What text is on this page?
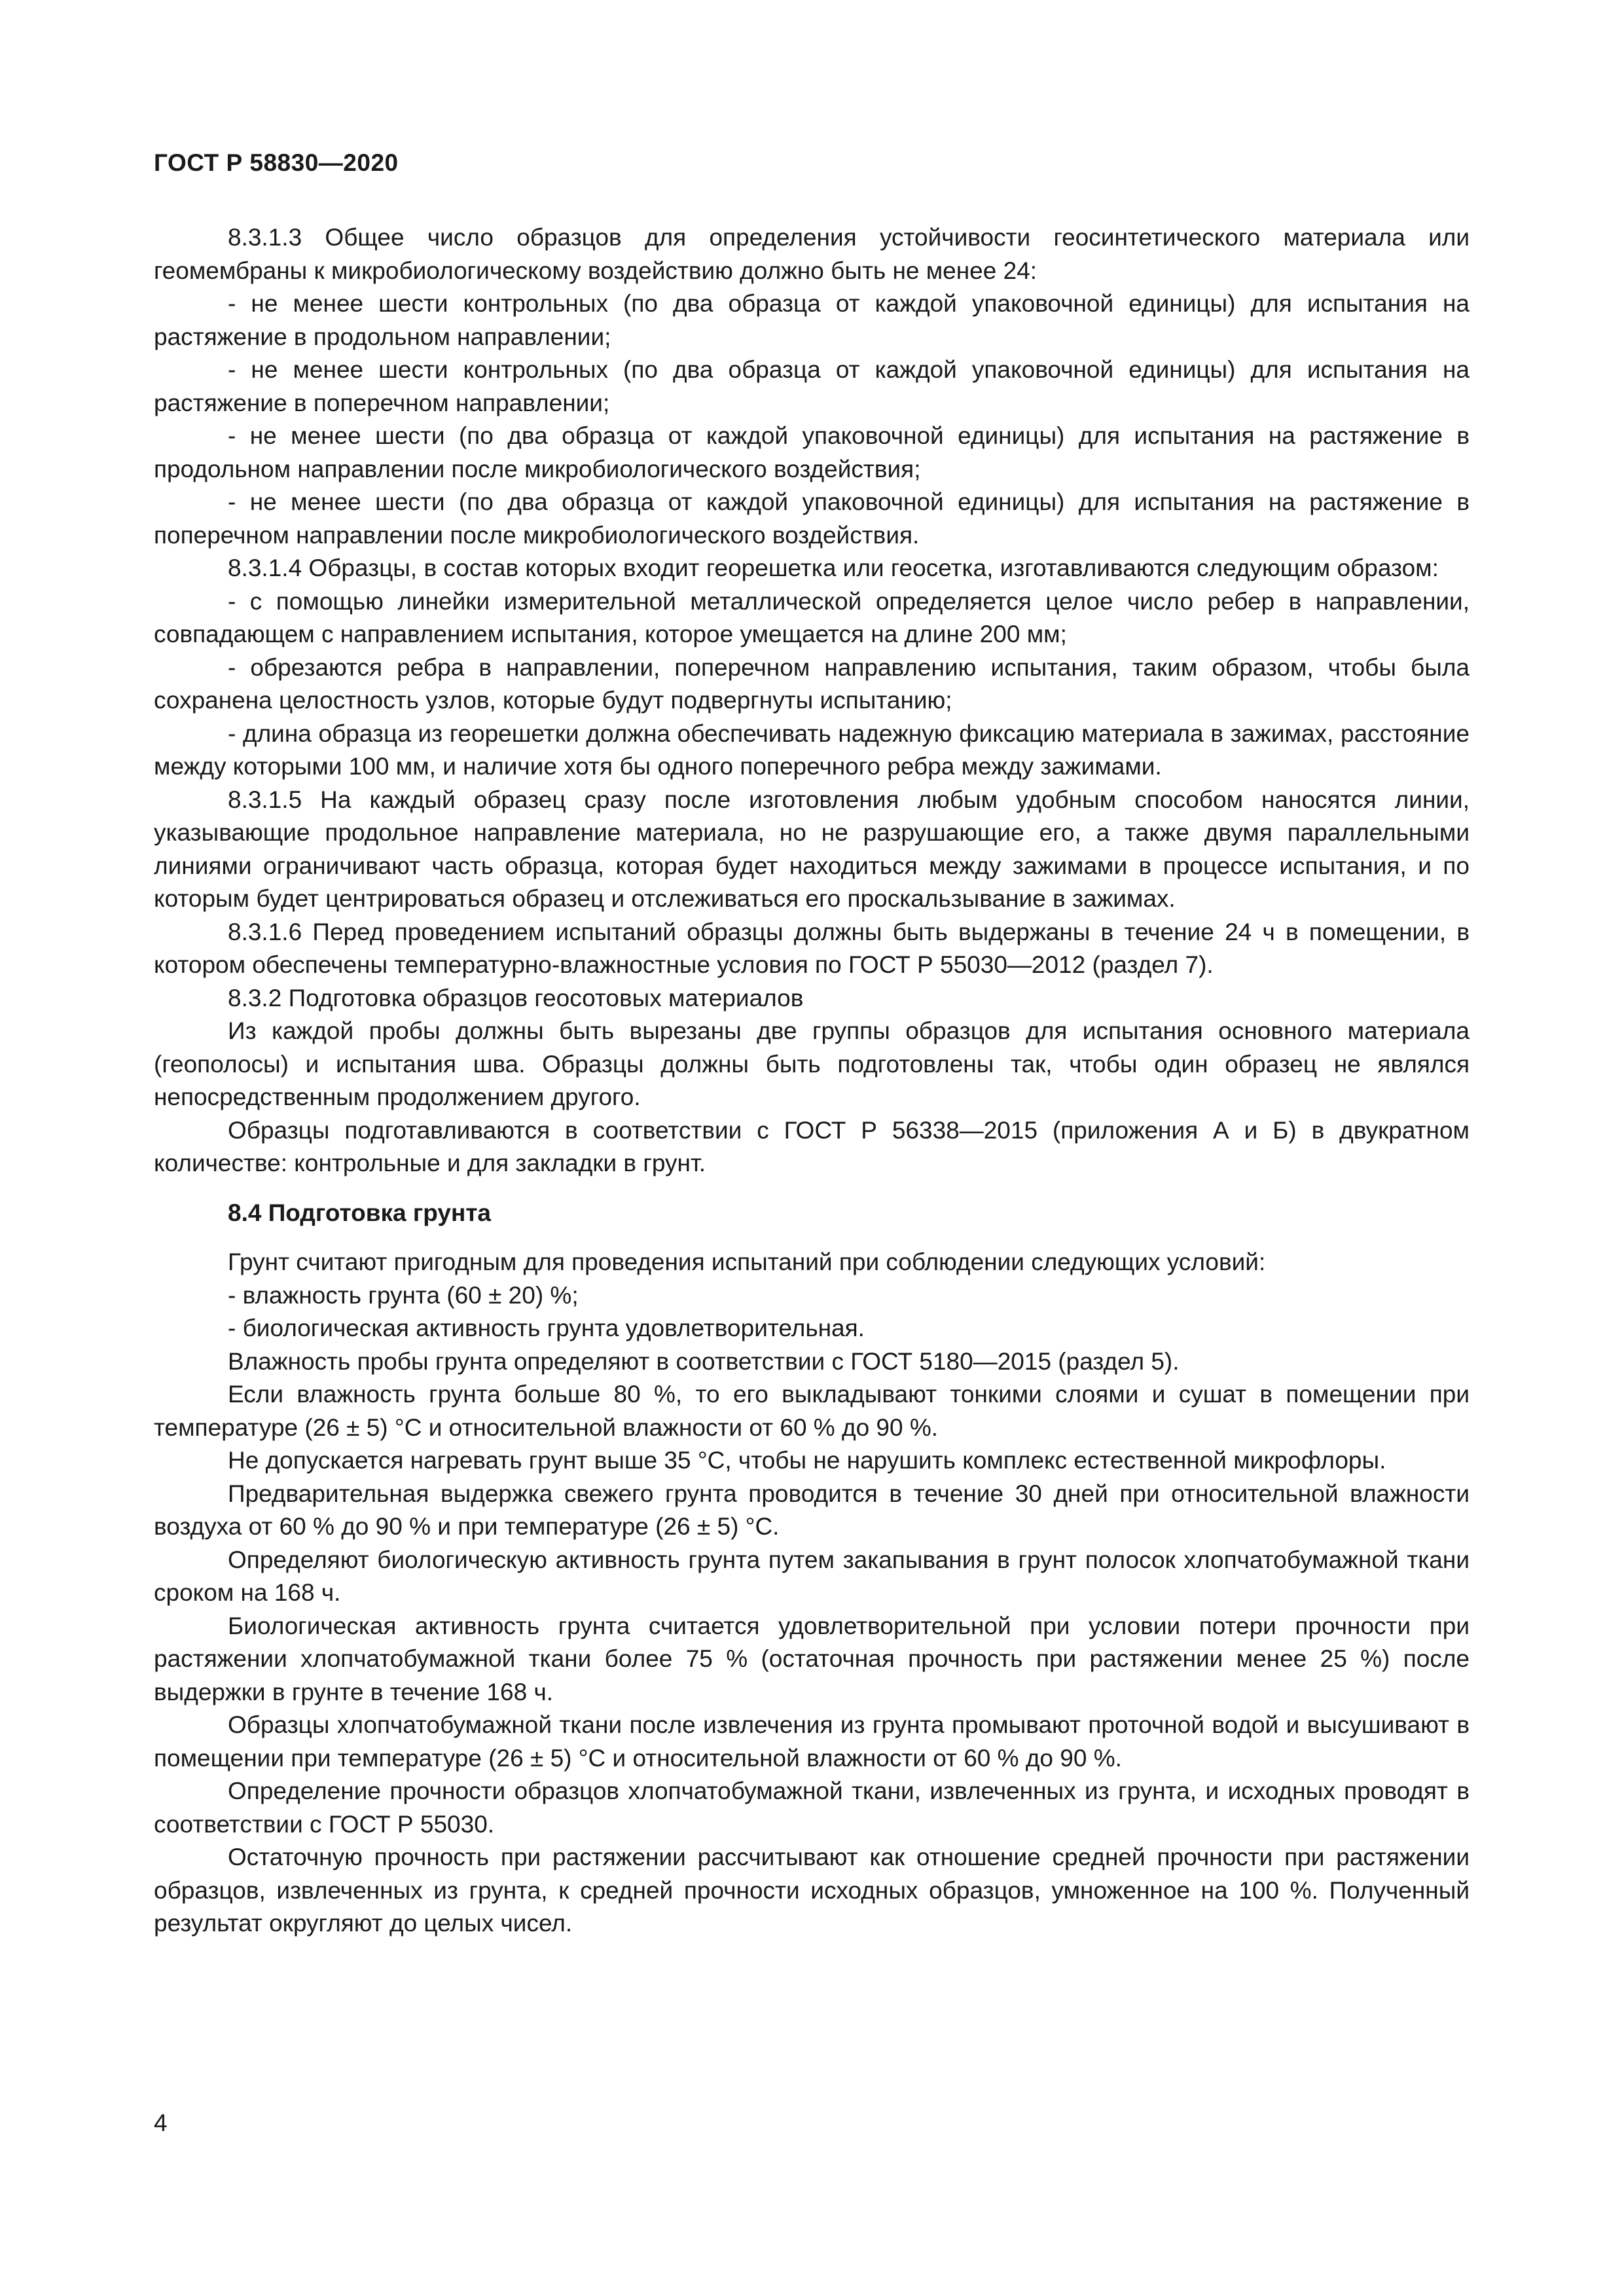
ГОСТ Р 58830—2020

8.3.1.3 Общее число образцов для определения устойчивости геосинтетического материала или геомембраны к микробиологическому воздействию должно быть не менее 24:

- не менее шести контрольных (по два образца от каждой упаковочной единицы) для испытания на растяжение в продольном направлении;

- не менее шести контрольных (по два образца от каждой упаковочной единицы) для испытания на растяжение в поперечном направлении;

- не менее шести (по два образца от каждой упаковочной единицы) для испытания на растяжение в продольном направлении после микробиологического воздействия;

- не менее шести (по два образца от каждой упаковочной единицы) для испытания на растяжение в поперечном направлении после микробиологического воздействия.

8.3.1.4 Образцы, в состав которых входит георешетка или геосетка, изготавливаются следующим образом:

- с помощью линейки измерительной металлической определяется целое число ребер в направлении, совпадающем с направлением испытания, которое умещается на длине 200 мм;

- обрезаются ребра в направлении, поперечном направлению испытания, таким образом, чтобы была сохранена целостность узлов, которые будут подвергнуты испытанию;

- длина образца из георешетки должна обеспечивать надежную фиксацию материала в зажимах, расстояние между которыми 100 мм, и наличие хотя бы одного поперечного ребра между зажимами.

8.3.1.5 На каждый образец сразу после изготовления любым удобным способом наносятся линии, указывающие продольное направление материала, но не разрушающие его, а также двумя параллельными линиями ограничивают часть образца, которая будет находиться между зажимами в процессе испытания, и по которым будет центрироваться образец и отслеживаться его проскальзывание в зажимах.

8.3.1.6 Перед проведением испытаний образцы должны быть выдержаны в течение 24 ч в помещении, в котором обеспечены температурно-влажностные условия по ГОСТ Р 55030—2012 (раздел 7).

8.3.2 Подготовка образцов геосотовых материалов

Из каждой пробы должны быть вырезаны две группы образцов для испытания основного материала (геополосы) и испытания шва. Образцы должны быть подготовлены так, чтобы один образец не являлся непосредственным продолжением другого.

Образцы подготавливаются в соответствии с ГОСТ Р 56338—2015 (приложения А и Б) в двукратном количестве: контрольные и для закладки в грунт.

8.4 Подготовка грунта

Грунт считают пригодным для проведения испытаний при соблюдении следующих условий:

- влажность грунта (60 ± 20) %;

- биологическая активность грунта удовлетворительная.

Влажность пробы грунта определяют в соответствии с ГОСТ 5180—2015 (раздел 5).

Если влажность грунта больше 80 %, то его выкладывают тонкими слоями и сушат в помещении при температуре (26 ± 5) °С и относительной влажности от 60 % до 90 %.

Не допускается нагревать грунт выше 35 °С, чтобы не нарушить комплекс естественной микрофлоры.

Предварительная выдержка свежего грунта проводится в течение 30 дней при относительной влажности воздуха от 60 % до 90 % и при температуре (26 ± 5) °С.

Определяют биологическую активность грунта путем закапывания в грунт полосок хлопчатобумажной ткани сроком на 168 ч.

Биологическая активность грунта считается удовлетворительной при условии потери прочности при растяжении хлопчатобумажной ткани более 75 % (остаточная прочность при растяжении менее 25 %) после выдержки в грунте в течение 168 ч.

Образцы хлопчатобумажной ткани после извлечения из грунта промывают проточной водой и высушивают в помещении при температуре (26 ± 5) °С и относительной влажности от 60 % до 90 %.

Определение прочности образцов хлопчатобумажной ткани, извлеченных из грунта, и исходных проводят в соответствии с ГОСТ Р 55030.

Остаточную прочность при растяжении рассчитывают как отношение средней прочности при растяжении образцов, извлеченных из грунта, к средней прочности исходных образцов, умноженное на 100 %. Полученный результат округляют до целых чисел.

4
